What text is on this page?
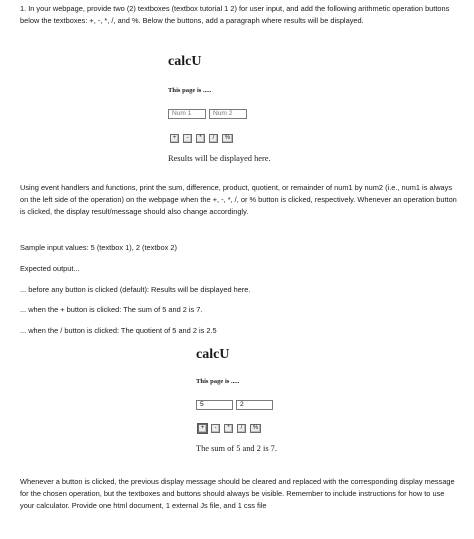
1. In your webpage, provide two (2) textboxes (textbox tutorial 1 2) for user input, and add the following arithmetic operation buttons below the textboxes: +, -, *, /, and %. Below the buttons, add a paragraph where results will be displayed.

calcU
This page is .....
Num 1	Num 2
+	-	*	/	%
Results will be displayed here.

Using event handlers and functions, print the sum, difference, product, quotient, or remainder of num1 by num2 (i.e., num1 is always on the left side of the operation) on the webpage when the +, -, *, /, or % button is clicked, respectively. Whenever an operation button is clicked, the display result/message should also change accordingly.

Sample input values: 5 (textbox 1), 2 (textbox 2)

Expected output...

... before any button is clicked (default): Results will be displayed here.

... when the + button is clicked: The sum of 5 and 2 is 7.

... when the / button is clicked: The quotient of 5 and 2 is 2.5

calcU
This page is .....
5	2
+	-	*	/	%
The sum of 5 and 2 is 7.

Whenever a button is clicked, the previous display message should be cleared and replaced with the corresponding display message for the chosen operation, but the textboxes and buttons should always be visible. Remember to include instructions for how to use your calculator. Provide one html document, 1 external Js file, and 1 css file
